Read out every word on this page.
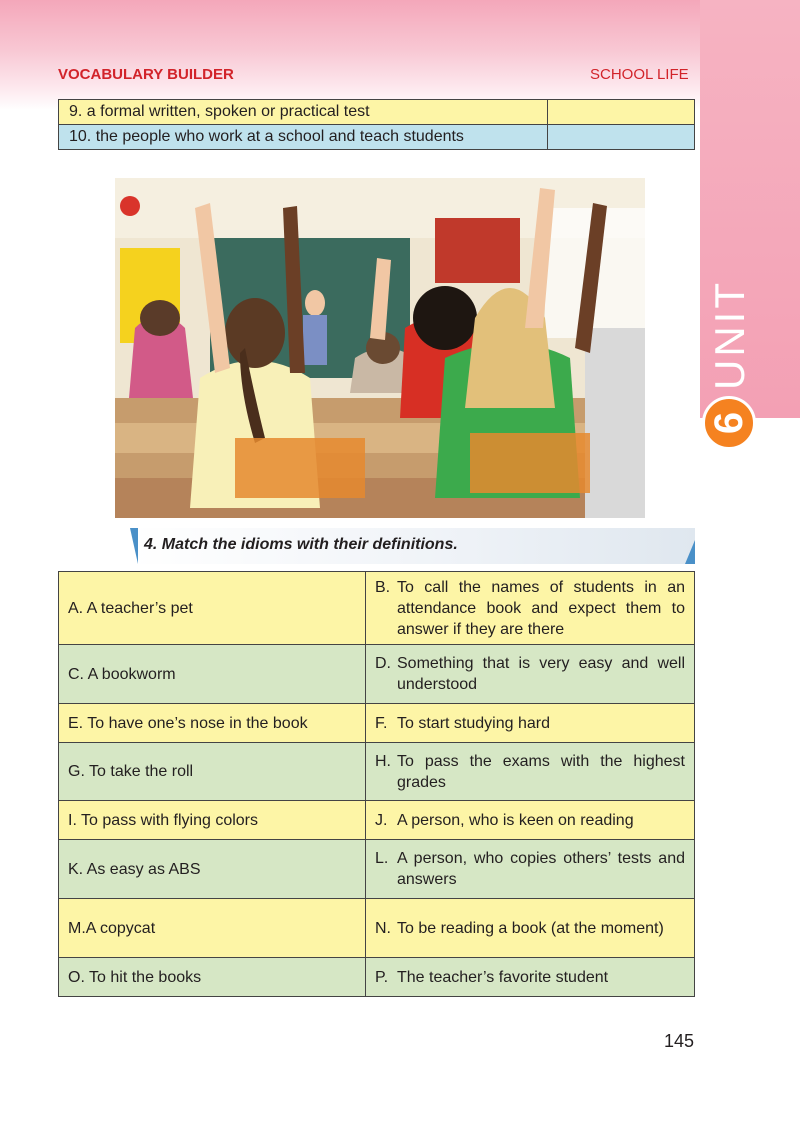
UNIT
6
VOCABULARY BUILDER	SCHOOL LIFE
9. a formal written, spoken or practical test	
10. the people who work at a school and teach students	
4. Match the idioms with their definitions.
A. A teacher’s pet	B. To call the names of students in an attendance book and expect them to answer if they are there

C. A bookworm	D. Something that is very easy and well understood

E. To have one’s nose in the book	F. To start studying hard

G. To take the roll	H. To pass the exams with the highest grades

I. To pass with flying colors	J. A person, who is keen on reading

K. As easy as ABS	L. A person, who copies others’ tests and answers

M.A copycat	N. To be reading a book (at the moment)

O. To hit the books	P. The teacher’s favorite student
145
